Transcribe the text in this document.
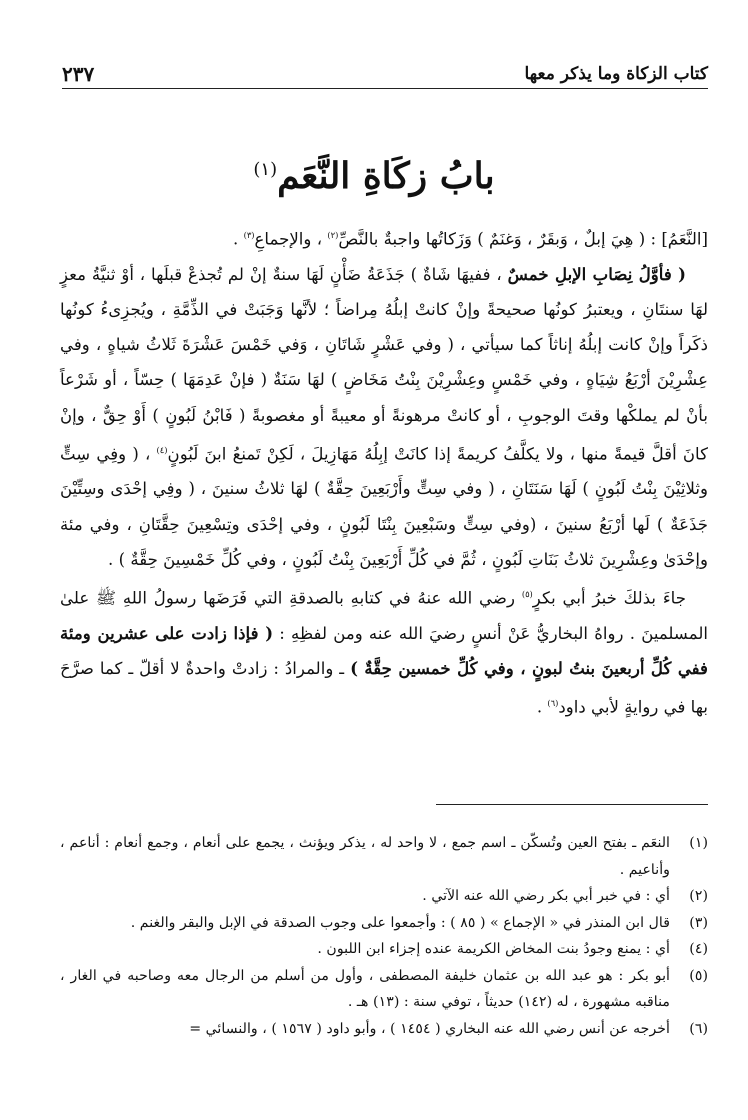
كتاب الزكاة وما يذكر معها
٢٣٧
بابُ زكَاةِ النَّعَم$^{(١)}$

[النَّعَمُ] : ( هِيَ إبلٌ ، وَبقَرٌ ، وَغنَمٌ ) وَزَكاتُها واجبةٌ بالنَّصِّ$^{(٢)}$ ، والإجماعِ$^{(٣)}$ .

( فأوَّلُ نِصَابِ الإبلِ خمسٌ ، ففيهَا شَاةٌ ) جَذَعَةُ ضَأْنٍ لَهَا سنةٌ إنْ لم تُجذعْ قبلَها ، أوْ ثنيَّةُ معزٍ لهَا سنتَانِ ، ويعتبرُ كونُها صحيحةً وإنْ كانتْ إبلُهُ مِراضاً ؛ لأنَّها وَجَبَتْ في الذِّمَّةِ ، ويُجزِىءُ كونُها ذكَراً وإنْ كانت إبلُهُ إناثاً كما سيأتي ، ( وفي عَشْرٍ شَاتَانِ ، وَفي خَمْسَ عَشْرَةَ ثَلاثُ شياهٍ ، وفي عِشْرِيْنَ أرْبَعُ شِيَاهٍ ، وفي خَمْسٍ وعِشْرِيْنَ بِنْتُ مَخَاضٍ ) لهَا سَنَةٌ ( فإنْ عَدِمَهَا ) حِسّاً ، أو شَرْعاً بأنْ لم يملكْها وقتَ الوجوبِ ، أو كانتْ مرهونةً أو معيبةً أو مغصوبةً ( فَابْنُ لَبُونٍ ) أَوْ حِقٌّ ، وإنْ كانَ أقلَّ قيمةً منها ، ولا يكلَّفُ كريمةً إذا كانَتْ إبِلُهُ مَهَازِيلَ ، لَكِنْ تَمنعُ ابنَ لَبُونٍ$^{(٤)}$ ، ( وفِي سِتٍّ وثلاثِيْنَ بِنْتُ لَبُونٍ ) لَهَا سَنَتَانِ ، ( وفي سِتٍّ وأَرْبَعِينَ حِقَّةٌ ) لهَا ثلاثُ سنينَ ، ( وفِي إحْدَى وسِتِّيْنَ جَذَعَةٌ ) لَها أرْبَعُ سنينَ ، (وفي سِتٍّ وسَبْعِينَ بِنْتَا لَبُونٍ ، وفي إحْدَى وتِسْعِينَ حِقَّتَانِ ، وفي مئة وإحْدَىٰ وعِشْرِينَ ثلاثُ بَنَاتِ لَبُونٍ ، ثُمَّ في كُلِّ أَرْبَعِينَ بِنْتُ لَبُونٍ ، وفي كُلِّ خَمْسِينَ حِقَّةٌ ) .

جاءَ بذلكَ خبرُ أبي بكرٍ$^{(٥)}$ رضي الله عنهُ في كتابهِ بالصدقةِ التي فَرَضَها رسولُ اللهِ ﷺ علىٰ المسلمينَ . رواهُ البخاريُّ عَنْ أنسٍ رضيَ الله عنه ومن لفظِهِ : ( فإذا زادت على عشرين ومئة ففي كُلِّ أربعينَ بنتُ لبونٍ ، وفي كُلِّ خمسين حِقَّةٌ ) ـ والمرادُ : زادتْ واحدةٌ لا أقلّ ـ كما صرَّحَ بها في روايةٍ لأبي داود$^{(٦)}$ .

(١)
النعَم ـ بفتح العين وتُسكّن ـ اسم جمع ، لا واحد له ، يذكر ويؤنث ، يجمع على أنعام ، وجمع أنعام : أناعم ، وأناعيم .
(٢)
أي : في خبر أبي بكر رضي الله عنه الآتي .
(٣)
قال ابن المنذر في « الإجماع » ( ٨٥ ) : وأجمعوا على وجوب الصدقة في الإبل والبقر والغنم .
(٤)
أي : يمنع وجودُ بنت المخاض الكريمة عنده إجزاء ابن اللبون .
(٥)
أبو بكر : هو عبد الله بن عثمان خليفة المصطفى ، وأول من أسلم من الرجال معه وصاحبه في الغار ، مناقبه مشهورة ، له (١٤٢) حديثاً ، توفي سنة : (١٣) هـ .
(٦)
أخرجه عن أنس رضي الله عنه البخاري ( ١٤٥٤ ) ، وأبو داود ( ١٥٦٧ ) ، والنسائي =
